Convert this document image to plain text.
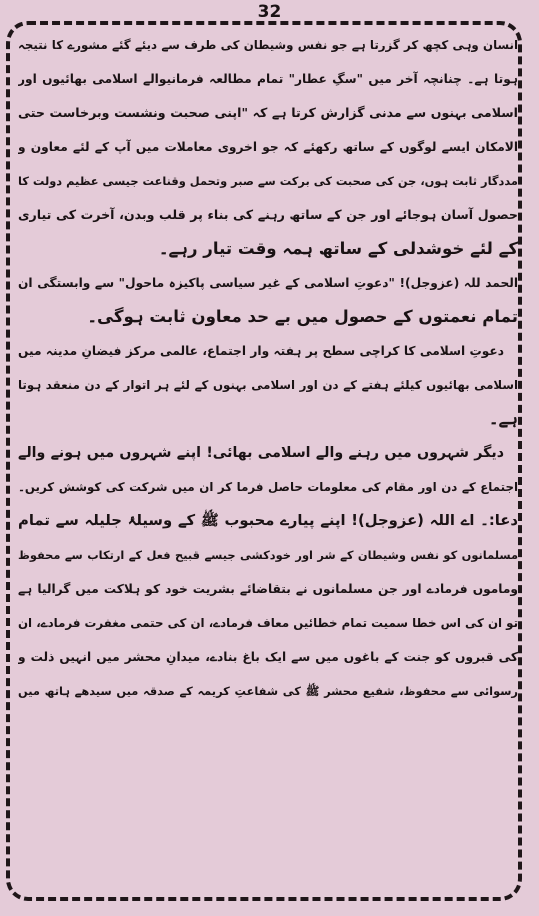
32
انسان وہی کچھ کر گزرتا ہے جو نفس وشیطان کی طرف سے دیئے گئے مشورے کا نتیجہ
ہوتا ہے۔ چنانچہ آخر میں "سگِ عطار" تمام مطالعہ فرمانیوالے اسلامی بھائیوں اور
اسلامی بہنوں سے مدنی گزارش کرتا ہے کہ "اپنی صحبت ونشست وبرخاست حتی
الامکان ایسے لوگوں کے ساتھ رکھئے کہ جو اخروی معاملات میں آپ کے لئے معاون و
مددگار ثابت ہوں، جن کی صحبت کی برکت سے صبر وتحمل وقناعت جیسی عظیم دولت کا
حصول آسان ہوجائے اور جن کے ساتھ رہنے کی بناء پر قلب وبدن، آخرت کی تیاری
کے لئے خوشدلی کے ساتھ ہمہ وقت تیار رہے۔
الحمد للہ (عزوجل)! "دعوتِ اسلامی کے غیر سیاسی پاکیزہ ماحول" سے وابستگی ان
تمام نعمتوں کے حصول میں بے حد معاون ثابت ہوگی۔
دعوتِ اسلامی کا کراچی سطح پر ہفتہ وار اجتماع، عالمی مرکز فیضانِ مدینہ میں
اسلامی بھائیوں کیلئے ہفتے کے دن اور اسلامی بہنوں کے لئے ہر اتوار کے دن منعقد ہوتا
ہے۔
دیگر شہروں میں رہنے والے اسلامی بھائی! اپنے شہروں میں ہونے والے
اجتماع کے دن اور مقام کی معلومات حاصل فرما کر ان میں شرکت کی کوشش کریں۔
دعا:۔ اے اللہ (عزوجل)! اپنے پیارے محبوب ﷺ کے وسیلۂ جلیلہ سے تمام
مسلمانوں کو نفس وشیطان کے شر اور خودکشی جیسے قبیح فعل کے ارتکاب سے محفوظ
وماموں فرمادے اور جن مسلمانوں نے بتقاضائے بشریت خود کو ہلاکت میں گرالیا ہے
تو ان کی اس خطا سمیت تمام خطائیں معاف فرمادے، ان کی حتمی مغفرت فرمادے، ان
کی قبروں کو جنت کے باغوں میں سے ایک باغ بنادے، میدانِ محشر میں انہیں ذلت و
رسوائی سے محفوظ، شفیع محشر ﷺ کی شفاعتِ کریمہ کے صدقہ میں سیدھے ہاتھ میں
